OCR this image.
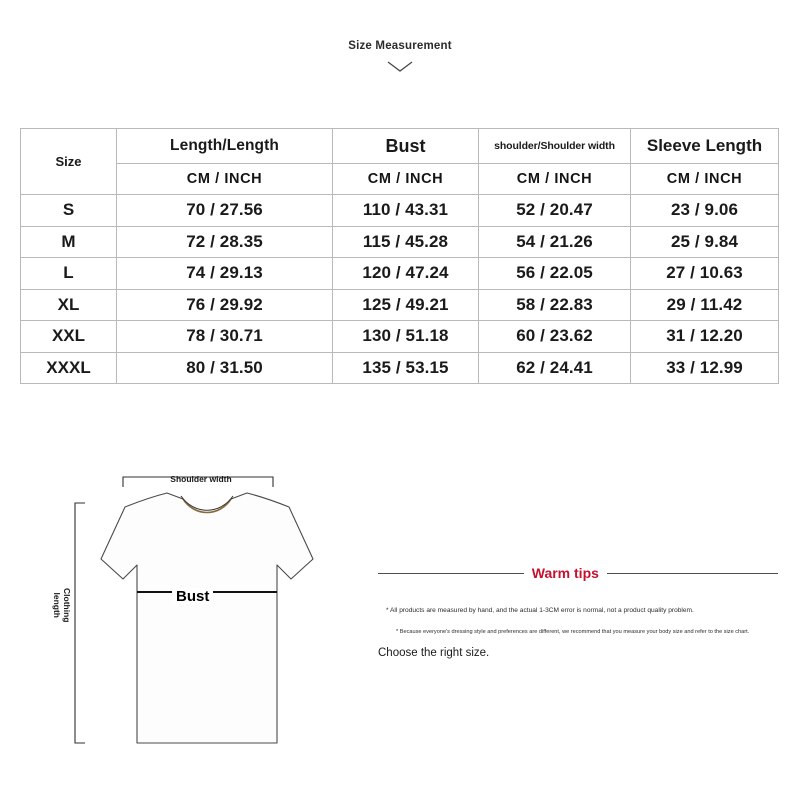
Size Measurement
Size	Length/Length	Bust	shoulder/Shoulder width	Sleeve Length
	CM / INCH	CM / INCH	CM / INCH	CM / INCH
S	70 / 27.56	110 / 43.31	52 / 20.47	23 / 9.06
M	72 / 28.35	115 / 45.28	54 / 21.26	25 / 9.84
L	74 / 29.13	120 / 47.24	56 / 22.05	27 / 10.63
XL	76 / 29.92	125 / 49.21	58 / 22.83	29 / 11.42
XXL	78 / 30.71	130 / 51.18	60 / 23.62	31 / 12.20
XXXL	80 / 31.50	135 / 53.15	62 / 24.41	33 / 12.99
Shoulder width
Bust
Clothing
length
Warm tips
* All products are measured by hand, and the actual 1-3CM error is normal, not a product quality problem.
* Because everyone's dressing style and preferences are different, we recommend that you measure your body size and refer to the size chart.
Choose the right size.
